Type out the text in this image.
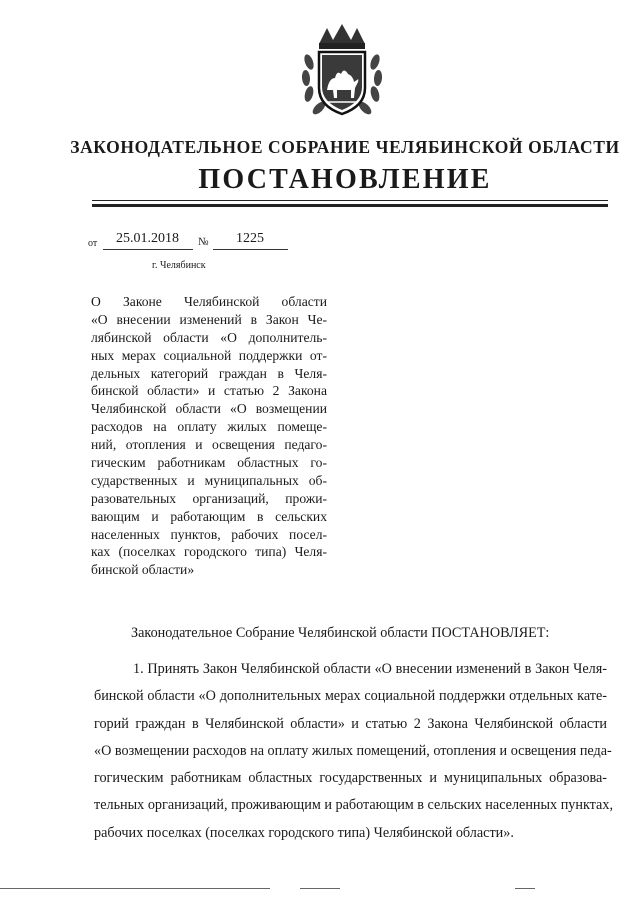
ЗАКОНОДАТЕЛЬНОЕ СОБРАНИЕ ЧЕЛЯБИНСКОЙ ОБЛАСТИ
ПОСТАНОВЛЕНИЕ
от 25.01.2018 № 1225
г. Челябинск
О Законе Челябинской области
«О внесении изменений в Закон Че-
лябинской области «О дополнитель-
ных мерах социальной поддержки от-
дельных категорий граждан в Челя-
бинской области» и статью 2 Закона
Челябинской области «О возмещении
расходов на оплату жилых помеще-
ний, отопления и освещения педаго-
гическим работникам областных го-
сударственных и муниципальных об-
разовательных организаций, прожи-
вающим и работающим в сельских
населенных пунктов, рабочих посел-
ках (поселках городского типа) Челя-
бинской области»
Законодательное Собрание Челябинской области ПОСТАНОВЛЯЕТ:
1. Принять Закон Челябинской области «О внесении изменений в Закон Челя-
бинской области «О дополнительных мерах социальной поддержки отдельных кате-
горий граждан в Челябинской области» и статью 2 Закона Челябинской области
«О возмещении расходов на оплату жилых помещений, отопления и освещения педа-
гогическим работникам областных государственных и муниципальных образова-
тельных организаций, проживающим и работающим в сельских населенных пунктах,
рабочих поселках (поселках городского типа) Челябинской области».
